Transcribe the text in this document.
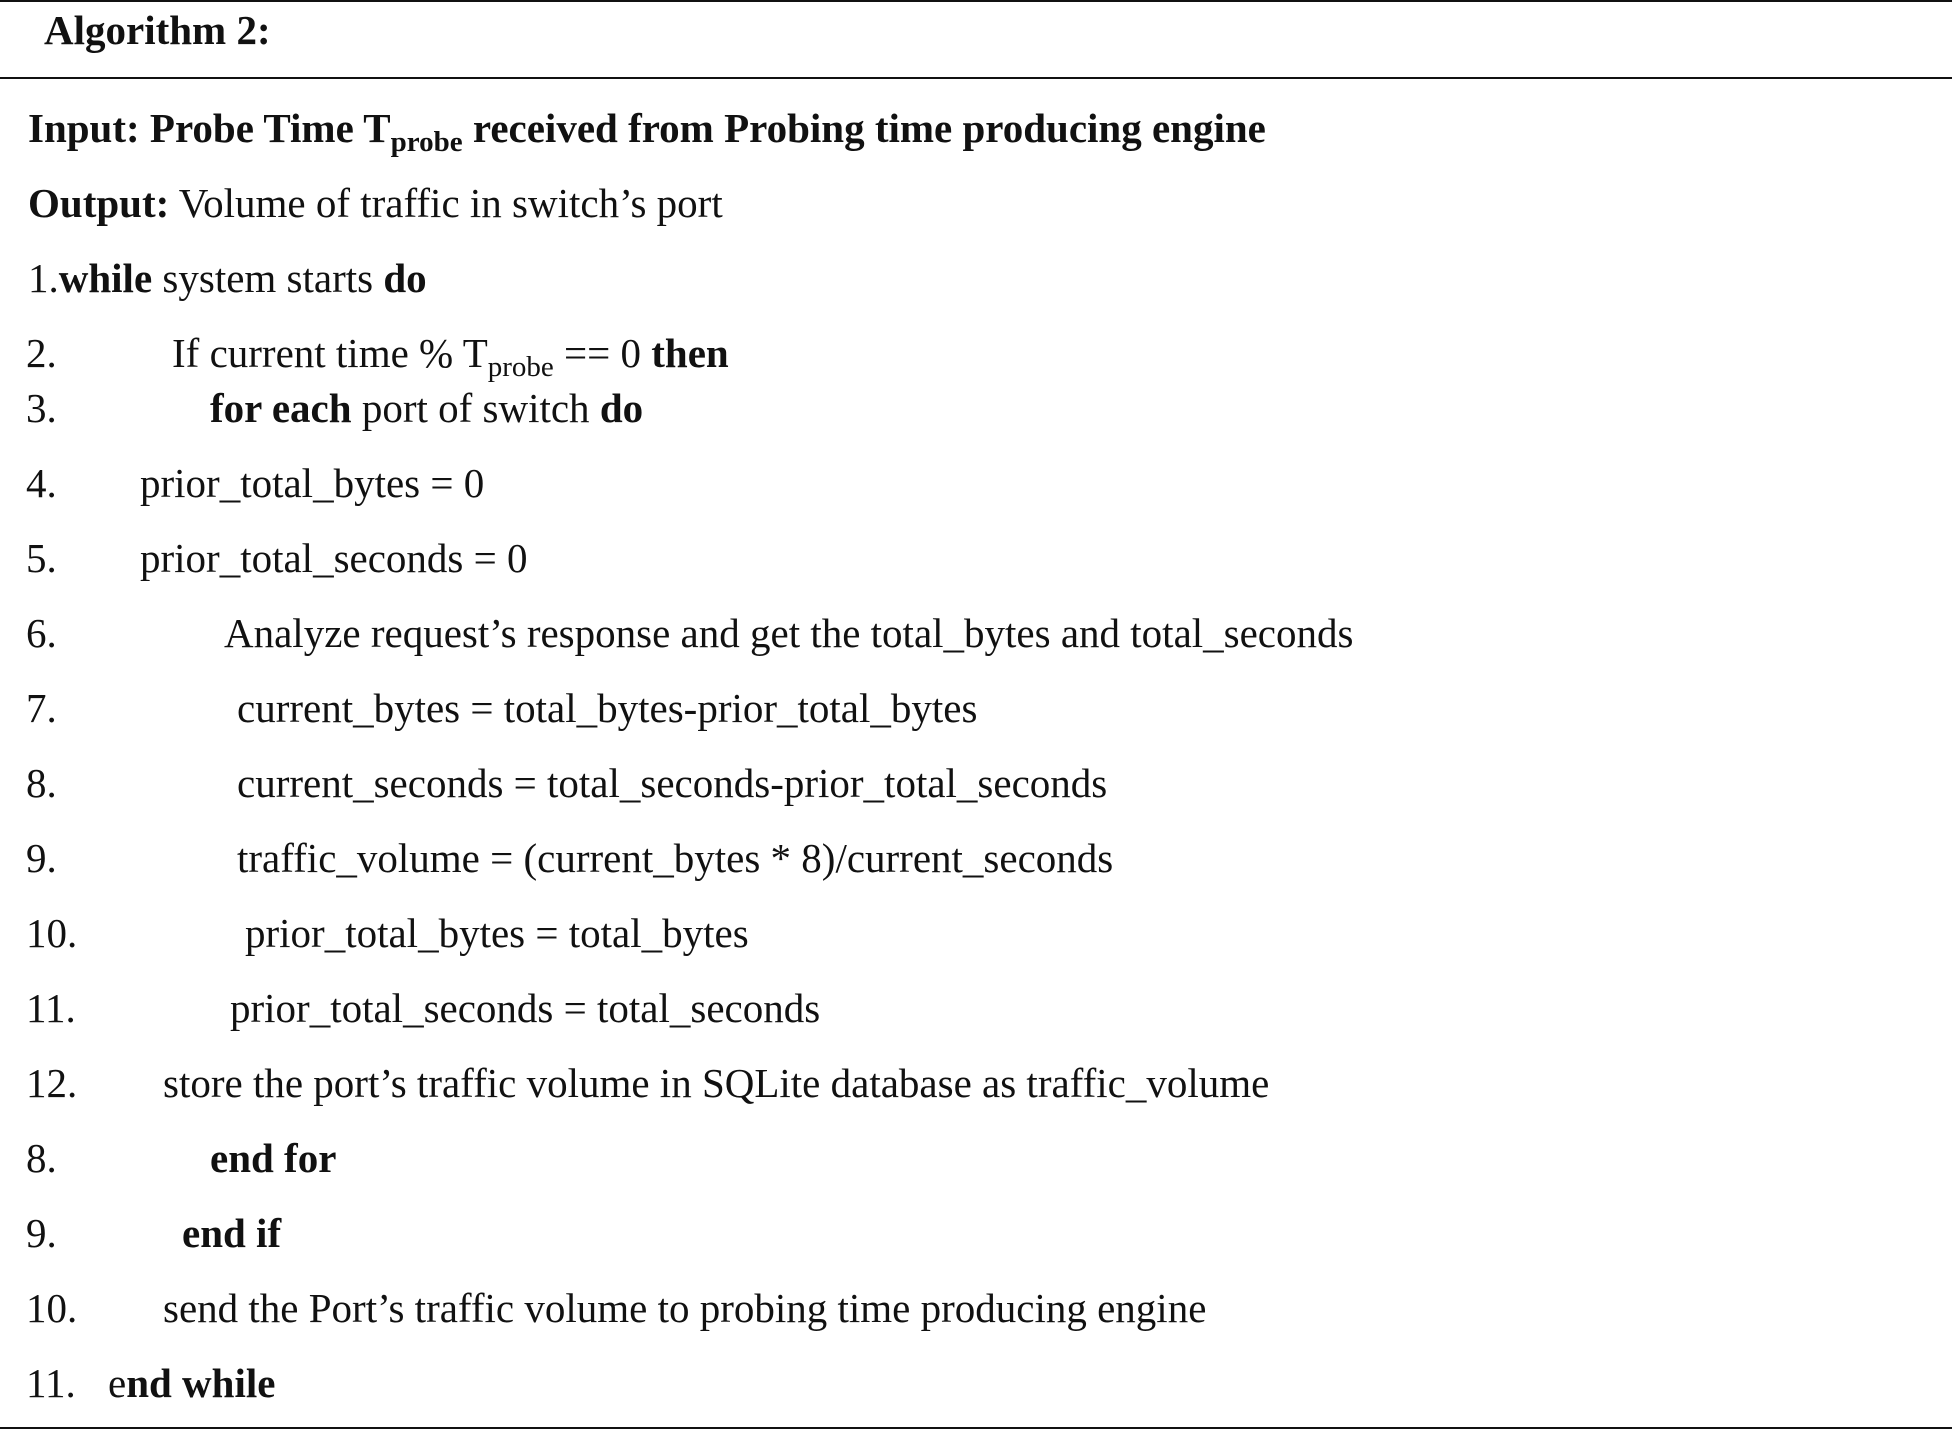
Algorithm 2:
Input: Probe Time $T_{probe}$ received from Probing time producing engine
Output: Volume of traffic in switch’s port
1.while system starts do
2.	If current time % $T_{probe} == 0$ then
3.	for each port of switch do
4. prior_total_bytes = 0
5. prior_total_seconds = 0
6.	Analyze request’s response and get the total_bytes and total_seconds
7.	current_bytes = total_bytes-prior_total_bytes
8.	current_seconds = total_seconds-prior_total_seconds
9.	traffic_volume = (current_bytes * 8)/current_seconds
10.	prior_total_bytes = total_bytes
11.	prior_total_seconds = total_seconds
12. store the port’s traffic volume in SQLite database as traffic_volume
8.	end for
9.	end if
10. send the Port’s traffic volume to probing time producing engine
11. end while
